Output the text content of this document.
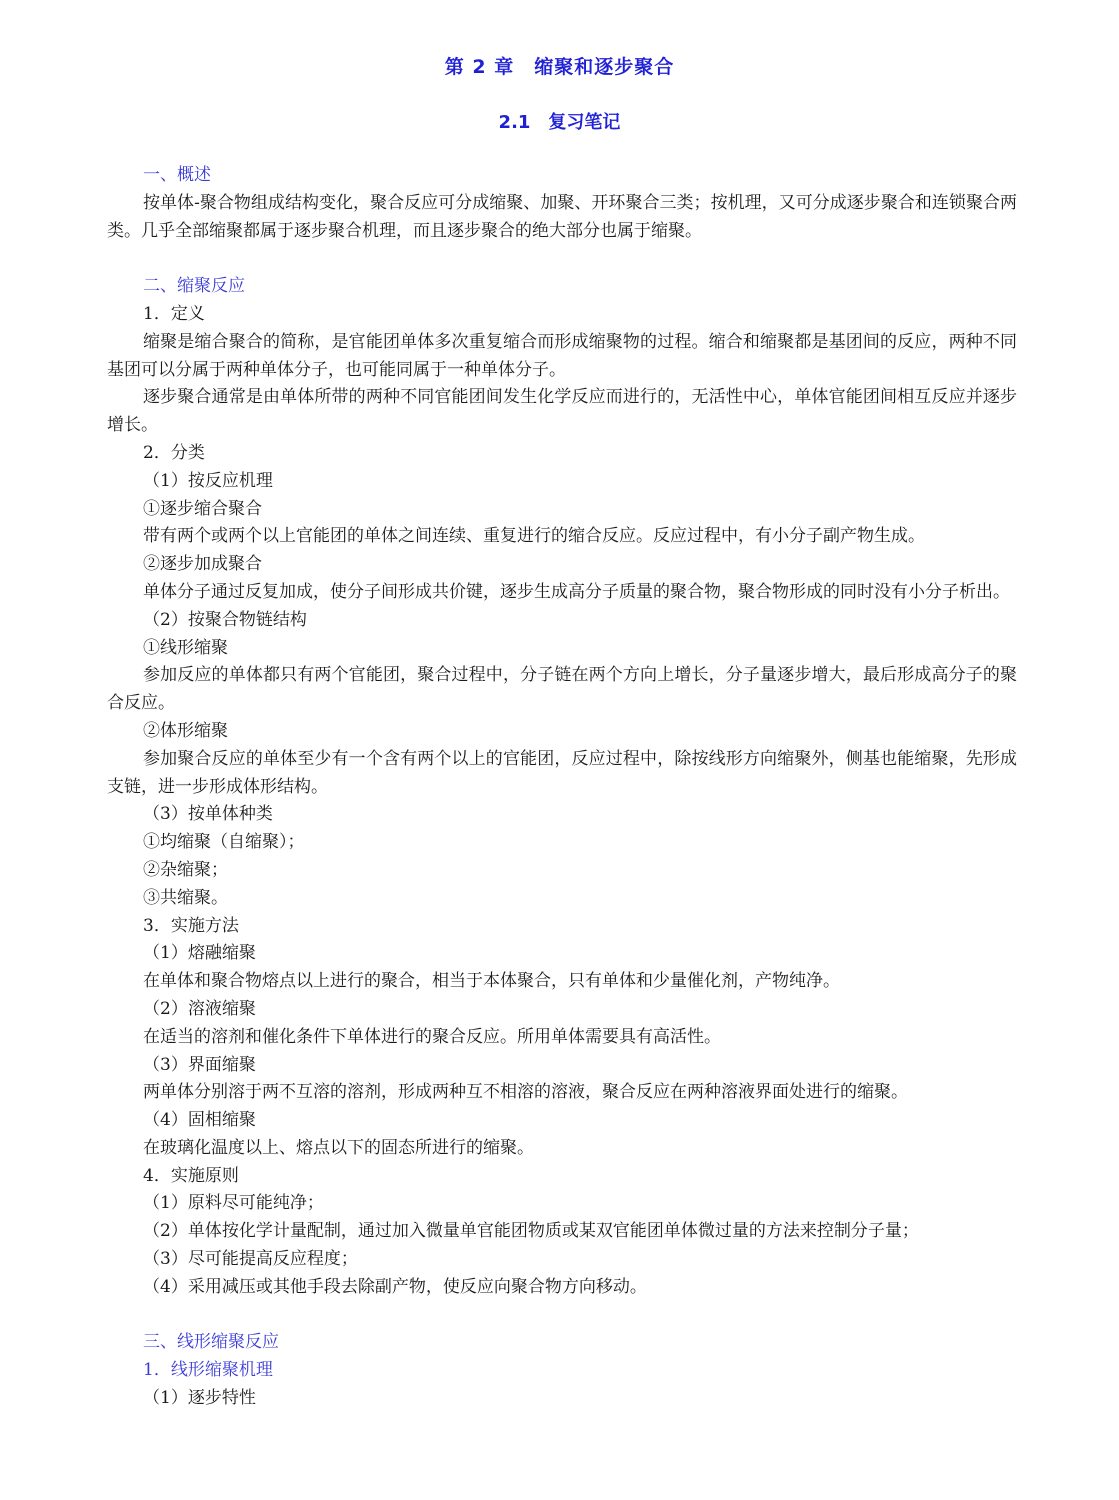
第 2 章　缩聚和逐步聚合
2.1　复习笔记
一、概述
按单体-聚合物组成结构变化，聚合反应可分成缩聚、加聚、开环聚合三类；按机理，又可分成逐步聚合和连锁聚合两类。几乎全部缩聚都属于逐步聚合机理，而且逐步聚合的绝大部分也属于缩聚。
二、缩聚反应
1．定义
缩聚是缩合聚合的简称，是官能团单体多次重复缩合而形成缩聚物的过程。缩合和缩聚都是基团间的反应，两种不同基团可以分属于两种单体分子，也可能同属于一种单体分子。
逐步聚合通常是由单体所带的两种不同官能团间发生化学反应而进行的，无活性中心，单体官能团间相互反应并逐步增长。
2．分类
（1）按反应机理
①逐步缩合聚合
带有两个或两个以上官能团的单体之间连续、重复进行的缩合反应。反应过程中，有小分子副产物生成。
②逐步加成聚合
单体分子通过反复加成，使分子间形成共价键，逐步生成高分子质量的聚合物，聚合物形成的同时没有小分子析出。
（2）按聚合物链结构
①线形缩聚
参加反应的单体都只有两个官能团，聚合过程中，分子链在两个方向上增长，分子量逐步增大，最后形成高分子的聚合反应。
②体形缩聚
参加聚合反应的单体至少有一个含有两个以上的官能团，反应过程中，除按线形方向缩聚外，侧基也能缩聚，先形成支链，进一步形成体形结构。
（3）按单体种类
①均缩聚（自缩聚）；
②杂缩聚；
③共缩聚。
3．实施方法
（1）熔融缩聚
在单体和聚合物熔点以上进行的聚合，相当于本体聚合，只有单体和少量催化剂，产物纯净。
（2）溶液缩聚
在适当的溶剂和催化条件下单体进行的聚合反应。所用单体需要具有高活性。
（3）界面缩聚
两单体分别溶于两不互溶的溶剂，形成两种互不相溶的溶液，聚合反应在两种溶液界面处进行的缩聚。
（4）固相缩聚
在玻璃化温度以上、熔点以下的固态所进行的缩聚。
4．实施原则
（1）原料尽可能纯净；
（2）单体按化学计量配制，通过加入微量单官能团物质或某双官能团单体微过量的方法来控制分子量；
（3）尽可能提高反应程度；
（4）采用减压或其他手段去除副产物，使反应向聚合物方向移动。
三、线形缩聚反应
1．线形缩聚机理
（1）逐步特性
